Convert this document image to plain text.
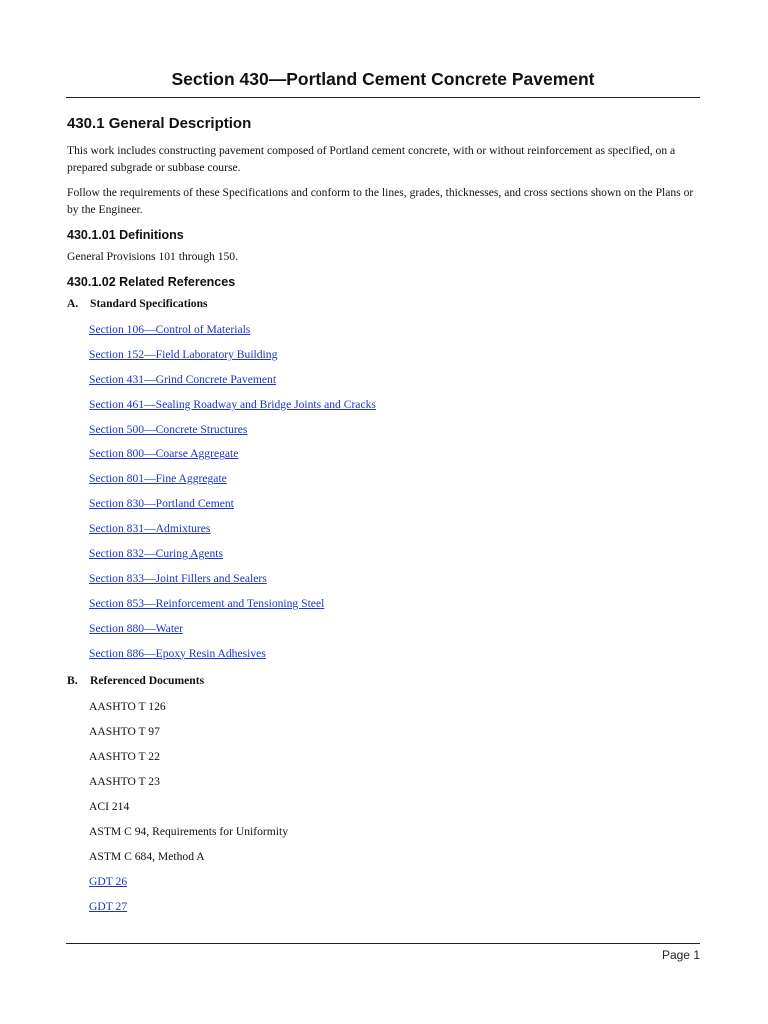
Section 430—Portland Cement Concrete Pavement
430.1 General Description

This work includes constructing pavement composed of Portland cement concrete, with or without reinforcement as specified, on a prepared subgrade or subbase course.

Follow the requirements of these Specifications and conform to the lines, grades, thicknesses, and cross sections shown on the Plans or by the Engineer.

430.1.01 Definitions

General Provisions 101 through 150.

430.1.02 Related References
A. Standard Specifications
Section 106—Control of Materials
Section 152—Field Laboratory Building
Section 431—Grind Concrete Pavement
Section 461—Sealing Roadway and Bridge Joints and Cracks
Section 500—Concrete Structures
Section 800—Coarse Aggregate
Section 801—Fine Aggregate
Section 830—Portland Cement
Section 831—Admixtures
Section 832—Curing Agents
Section 833—Joint Fillers and Sealers
Section 853—Reinforcement and Tensioning Steel
Section 880—Water
Section 886—Epoxy Resin Adhesives
B. Referenced Documents
AASHTO T 126
AASHTO T 97
AASHTO T 22
AASHTO T 23
ACI 214
ASTM C 94, Requirements for Uniformity
ASTM C 684, Method A
GDT 26
GDT 27
Page 1
